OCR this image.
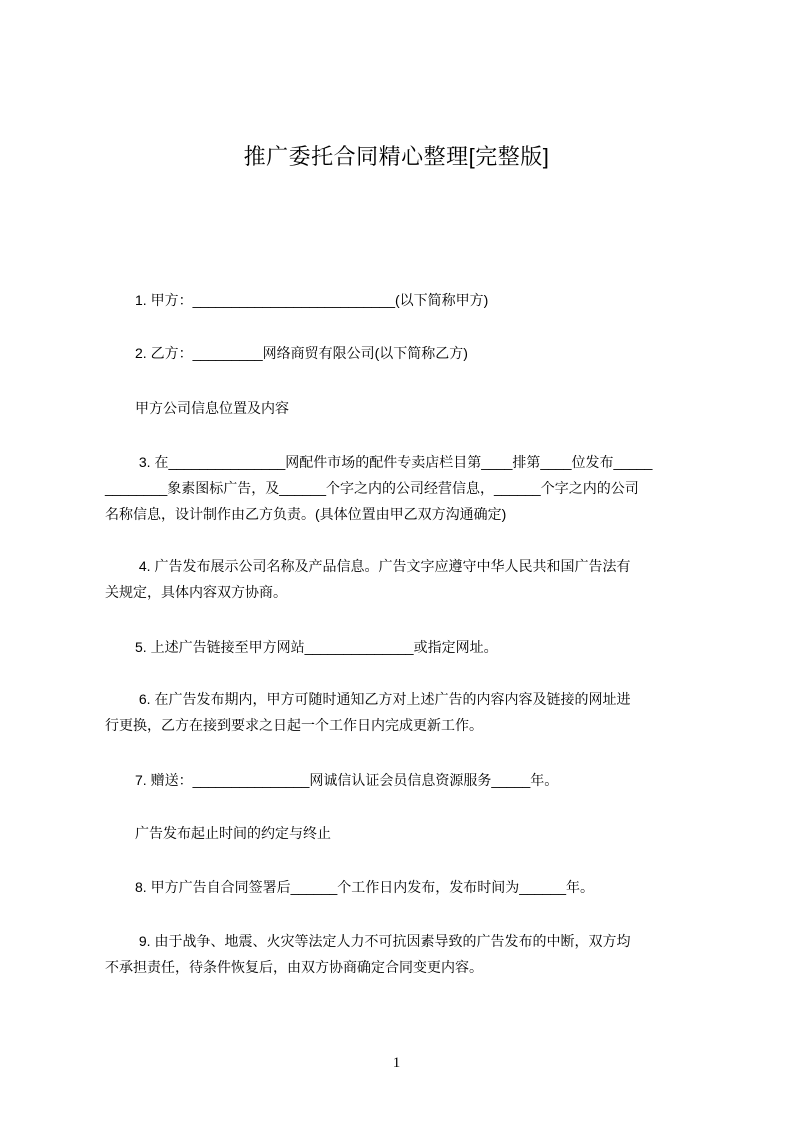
推广委托合同精心整理[完整版]
1. 甲方：__________________________(以下简称甲方)
2. 乙方：_________网络商贸有限公司(以下简称乙方)
甲方公司信息位置及内容
3. 在_______________网配件市场的配件专卖店栏目第____排第____位发布_____
________象素图标广告，及______个字之内的公司经营信息，______个字之内的公司
名称信息，设计制作由乙方负责。(具体位置由甲乙双方沟通确定)
4. 广告发布展示公司名称及产品信息。广告文字应遵守中华人民共和国广告法有
关规定，具体内容双方协商。
5. 上述广告链接至甲方网站______________或指定网址。
6. 在广告发布期内，甲方可随时通知乙方对上述广告的内容内容及链接的网址进
行更换，乙方在接到要求之日起一个工作日内完成更新工作。
7. 赠送：_______________网诚信认证会员信息资源服务_____年。
广告发布起止时间的约定与终止
8. 甲方广告自合同签署后______个工作日内发布，发布时间为______年。
9. 由于战争、地震、火灾等法定人力不可抗因素导致的广告发布的中断，双方均
不承担责任，待条件恢复后，由双方协商确定合同变更内容。
1
